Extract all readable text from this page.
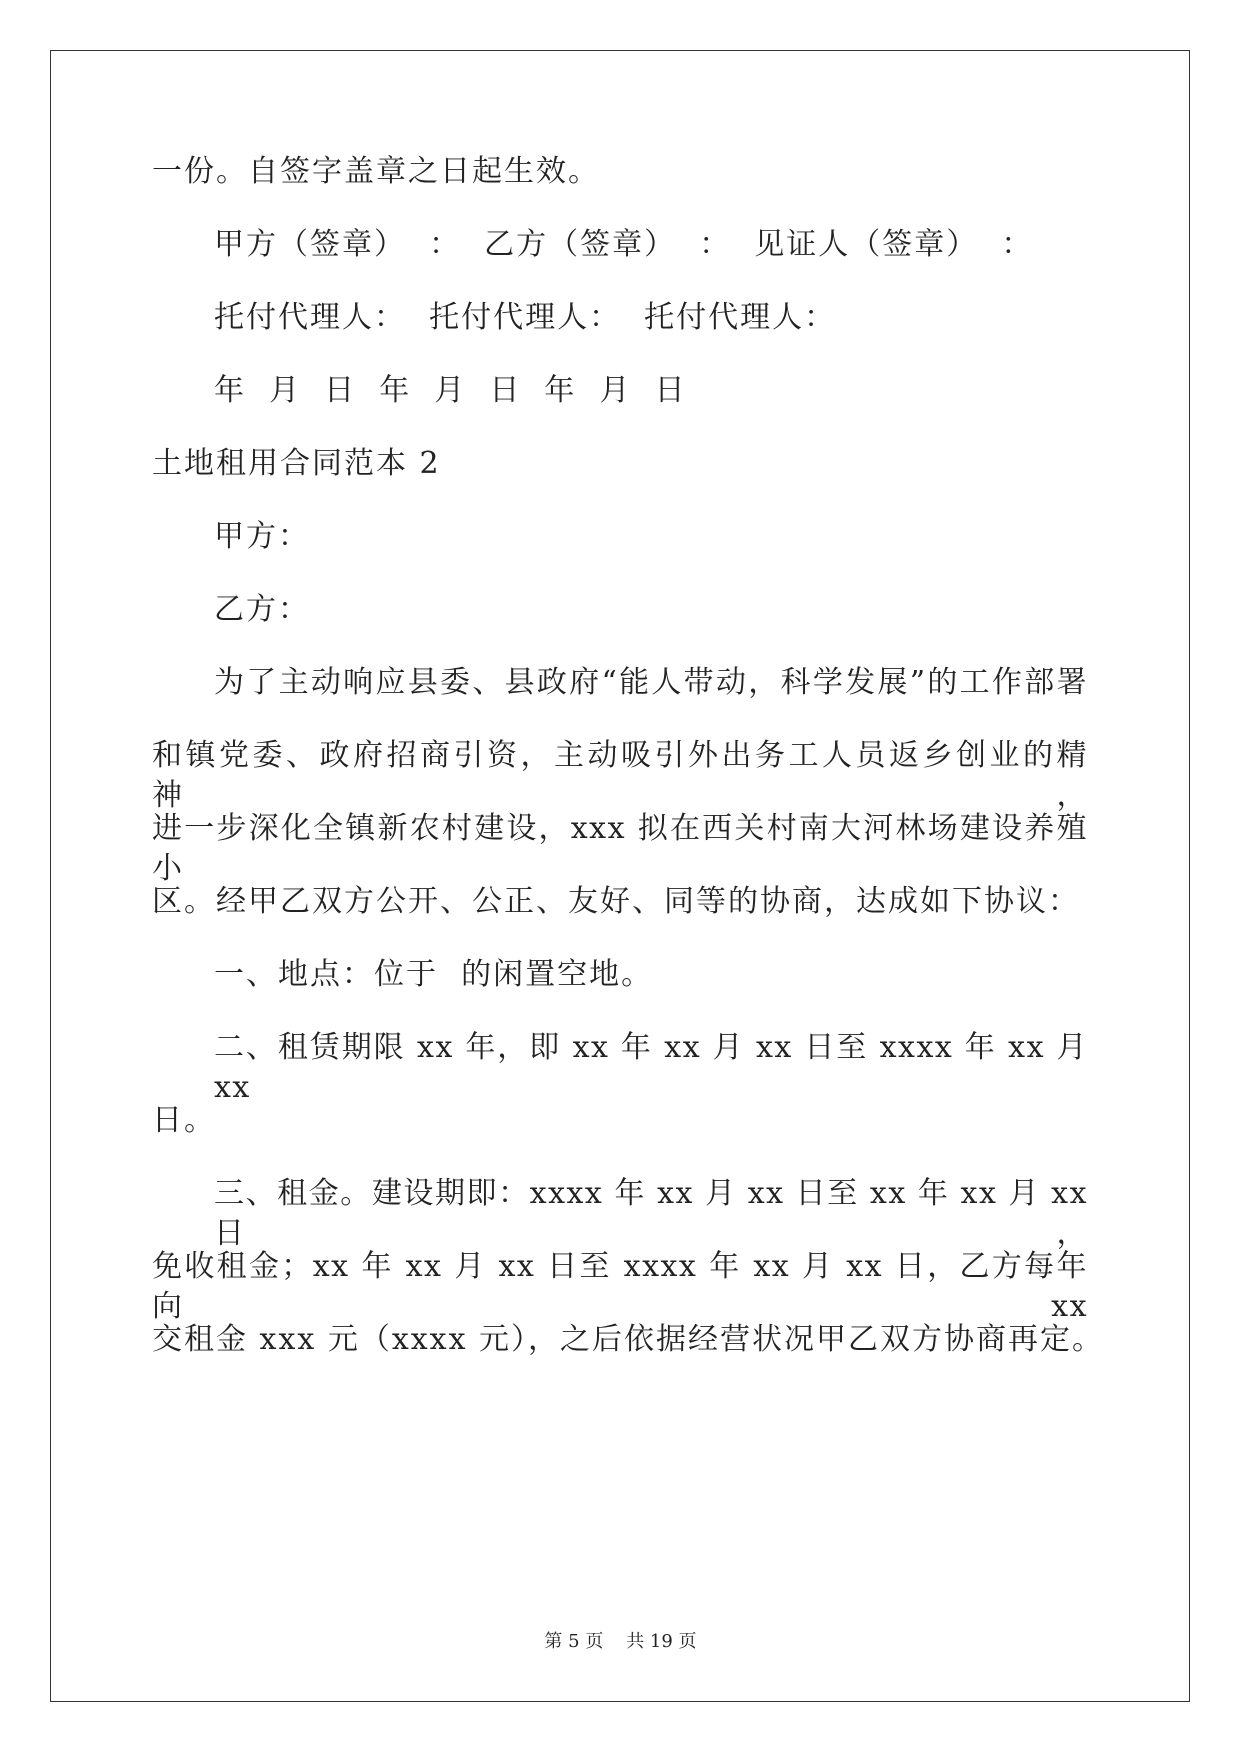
一份。自签字盖章之日起生效。
甲方（签章）  ：  乙方（签章）  ：  见证人（签章）  ：
托付代理人：  托付代理人：  托付代理人：
年  月  日  年  月  日  年  月  日
土地租用合同范本 2
甲方：
乙方：
为了主动响应县委、县政府“能人带动，科学发展”的工作部署
和镇党委、政府招商引资，主动吸引外出务工人员返乡创业的精神，
进一步深化全镇新农村建设，xxx 拟在西关村南大河林场建设养殖小
区。经甲乙双方公开、公正、友好、同等的协商，达成如下协议：
一、地点：位于  的闲置空地。
二、租赁期限 xx 年，即 xx 年 xx 月 xx 日至 xxxx 年 xx 月 xx
日。
三、租金。建设期即：xxxx 年 xx 月 xx 日至 xx 年 xx 月 xx 日，
免收租金；xx 年 xx 月 xx 日至 xxxx 年 xx 月 xx 日，乙方每年向 xx
交租金 xxx 元（xxxx 元），之后依据经营状况甲乙双方协商再定。
第 5 页    共 19 页
